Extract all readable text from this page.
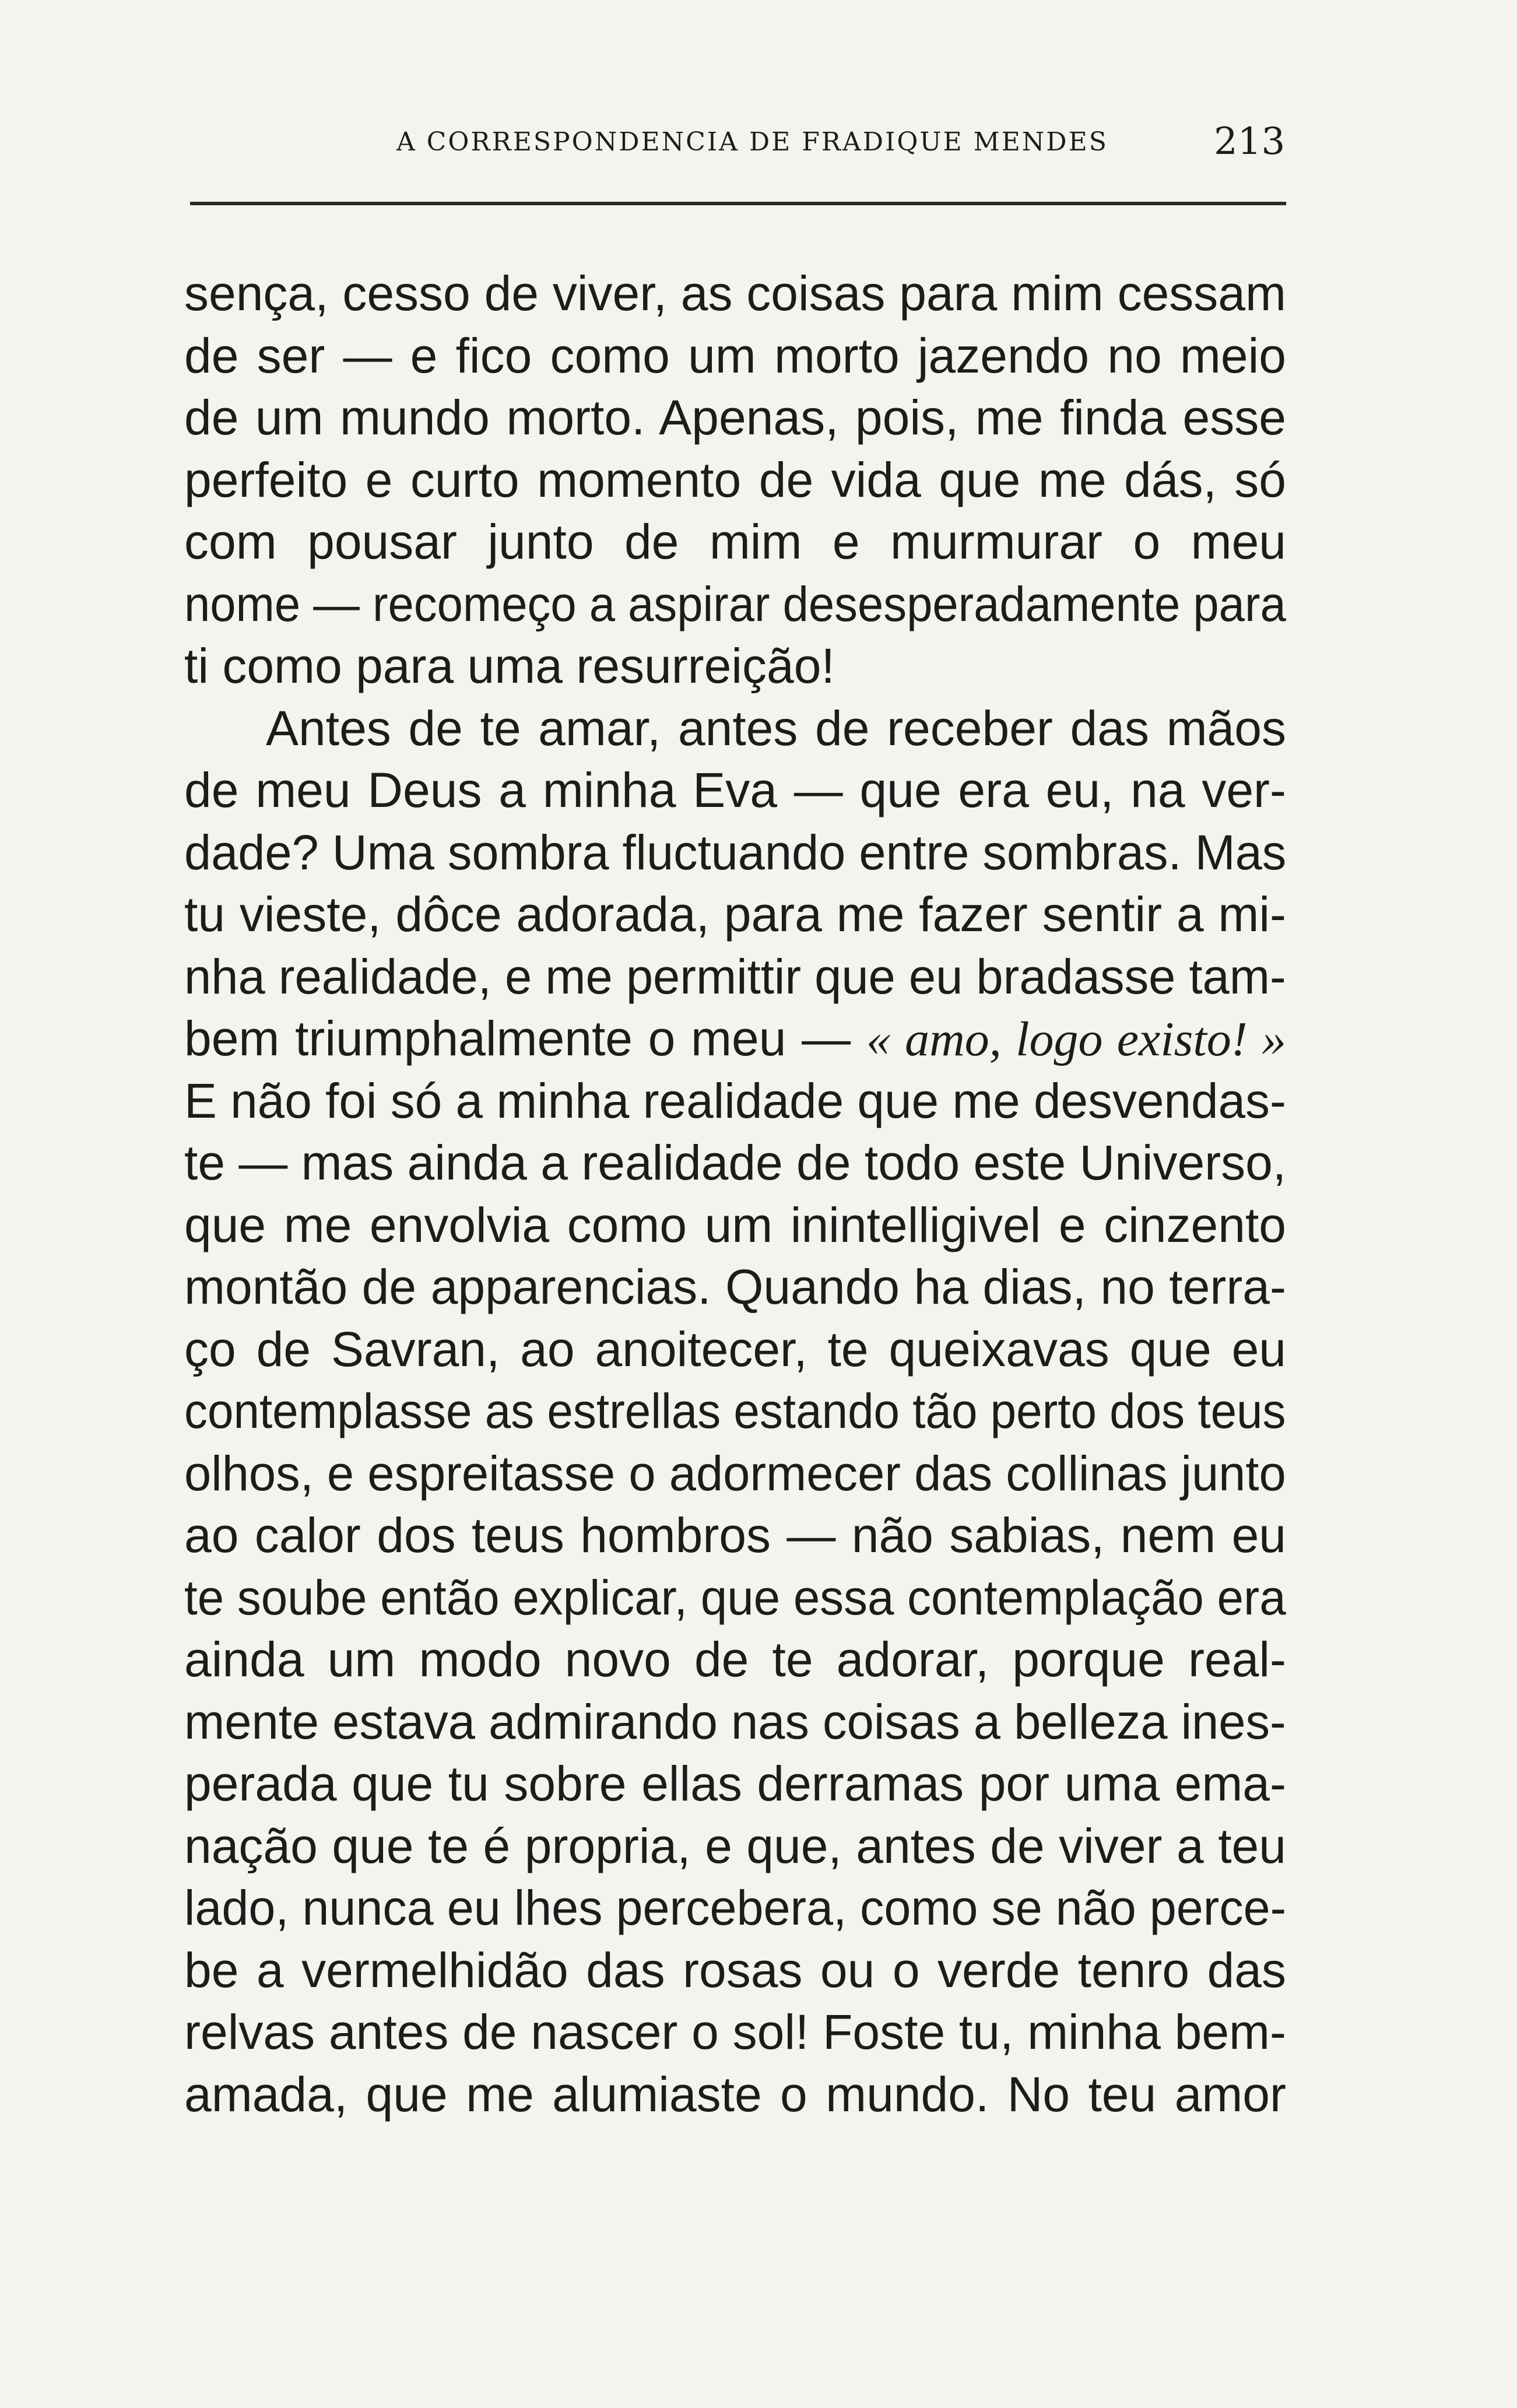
A CORRESPONDENCIA DE FRADIQUE MENDES	213
sença, cesso de viver, as coisas para mim cessam
de ser — e fico como um morto jazendo no meio
de um mundo morto. Apenas, pois, me finda esse
perfeito e curto momento de vida que me dás, só
com pousar junto de mim e murmurar o meu
nome — recomeço a aspirar desesperadamente para
ti como para uma resurreição!
Antes de te amar, antes de receber das mãos
de meu Deus a minha Eva — que era eu, na ver-
dade? Uma sombra fluctuando entre sombras. Mas
tu vieste, dôce adorada, para me fazer sentir a mi-
nha realidade, e me permittir que eu bradasse tam-
bem triumphalmente o meu — « amo, logo existo! »
E não foi só a minha realidade que me desvendas-
te — mas ainda a realidade de todo este Universo,
que me envolvia como um inintelligivel e cinzento
montão de apparencias. Quando ha dias, no terra-
ço de Savran, ao anoitecer, te queixavas que eu
contemplasse as estrellas estando tão perto dos teus
olhos, e espreitasse o adormecer das collinas junto
ao calor dos teus hombros — não sabias, nem eu
te soube então explicar, que essa contemplação era
ainda um modo novo de te adorar, porque real-
mente estava admirando nas coisas a belleza ines-
perada que tu sobre ellas derramas por uma ema-
nação que te é propria, e que, antes de viver a teu
lado, nunca eu lhes percebera, como se não perce-
be a vermelhidão das rosas ou o verde tenro das
relvas antes de nascer o sol! Foste tu, minha bem-
amada, que me alumiaste o mundo. No teu amor
